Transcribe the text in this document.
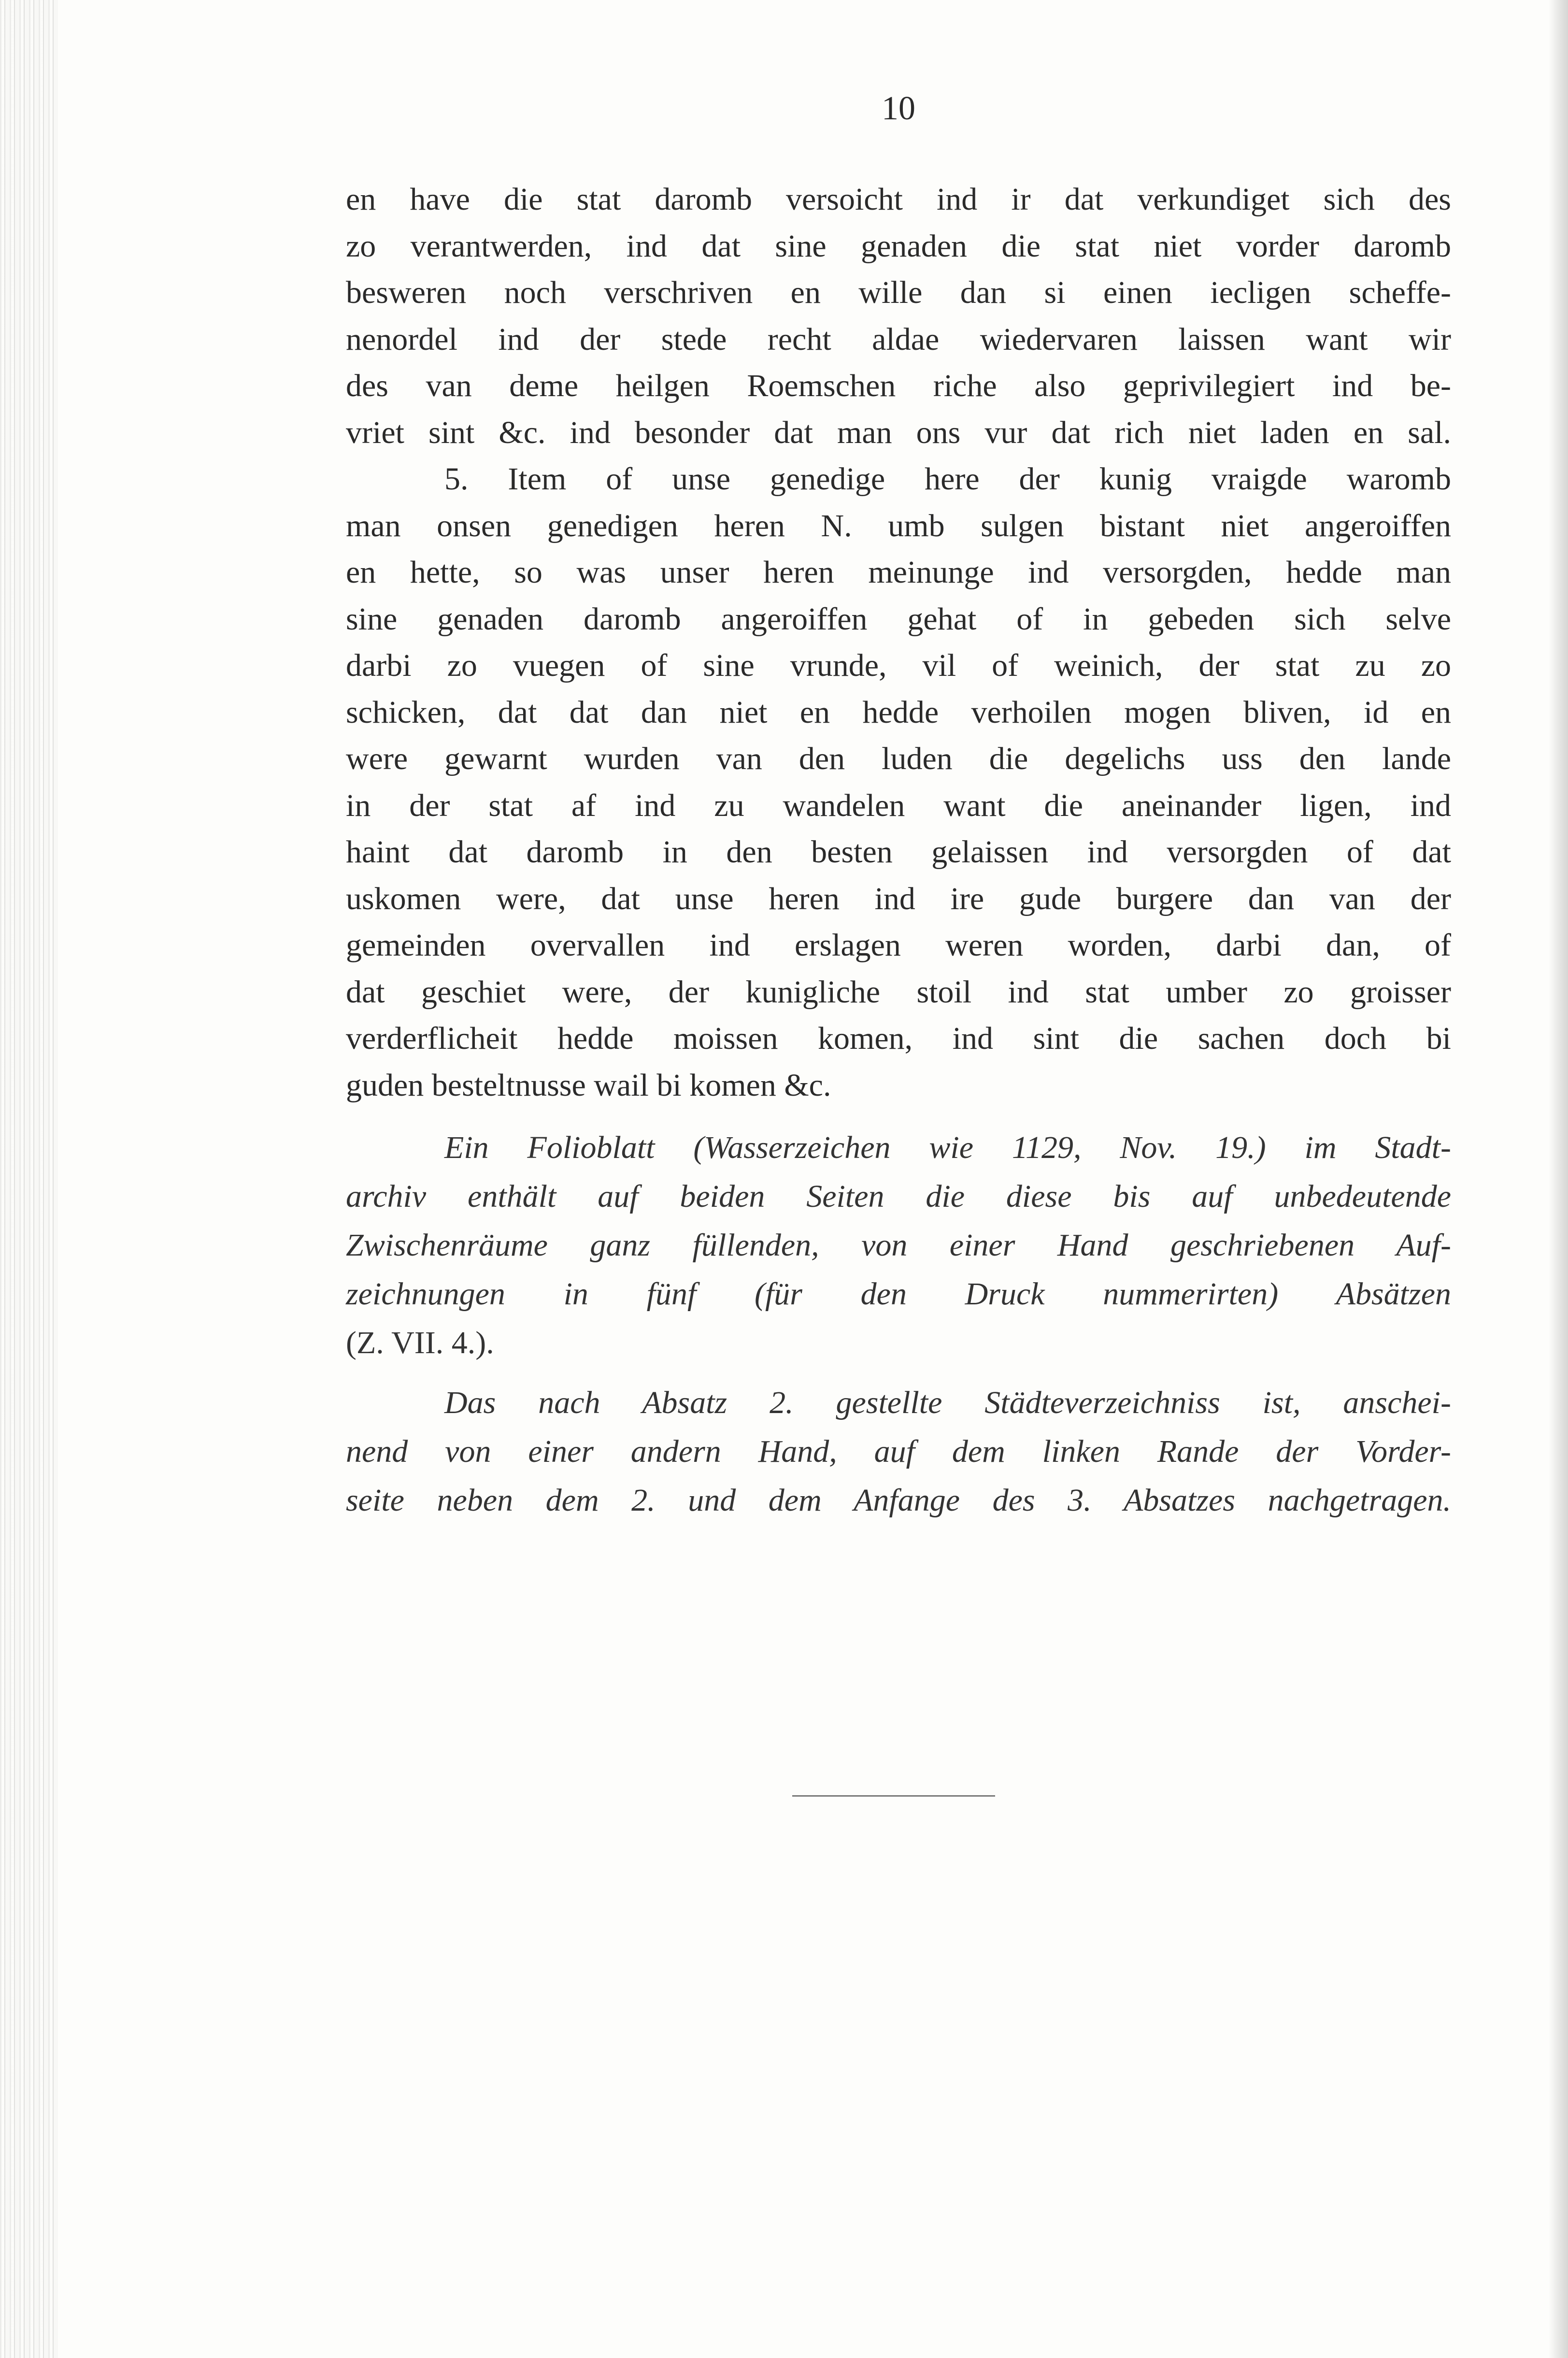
10
en have die stat daromb versoicht ind ir dat verkundiget sich des
zo verantwerden, ind dat sine genaden die stat niet vorder daromb
besweren noch verschriven en wille dan si einen iecligen scheffe-
nenordel ind der stede recht aldae wiedervaren laissen want wir
des van deme heilgen Roemschen riche also geprivilegiert ind be-
vriet sint &c. ind besonder dat man ons vur dat rich niet laden en sal.
5. Item of unse genedige here der kunig vraigde waromb
man onsen genedigen heren N. umb sulgen bistant niet angeroiffen
en hette, so was unser heren meinunge ind versorgden, hedde man
sine genaden daromb angeroiffen gehat of in gebeden sich selve
darbi zo vuegen of sine vrunde, vil of weinich, der stat zu zo
schicken, dat dat dan niet en hedde verhoilen mogen bliven, id en
were gewarnt wurden van den luden die degelichs uss den lande
in der stat af ind zu wandelen want die aneinander ligen, ind
haint dat daromb in den besten gelaissen ind versorgden of dat
uskomen were, dat unse heren ind ire gude burgere dan van der
gemeinden overvallen ind erslagen weren worden, darbi dan, of
dat geschiet were, der kunigliche stoil ind stat umber zo groisser
verderflicheit hedde moissen komen, ind sint die sachen doch bi
guden besteltnusse wail bi komen &c.
Ein Folioblatt (Wasserzeichen wie 1129, Nov. 19.) im Stadt-
archiv enthält auf beiden Seiten die diese bis auf unbedeutende
Zwischenräume ganz füllenden, von einer Hand geschriebenen Auf-
zeichnungen in fünf (für den Druck nummerirten) Absätzen
(Z. VII. 4.).
Das nach Absatz 2. gestellte Städteverzeichniss ist, anschei-
nend von einer andern Hand, auf dem linken Rande der Vorder-
seite neben dem 2. und dem Anfange des 3. Absatzes nachgetragen.
